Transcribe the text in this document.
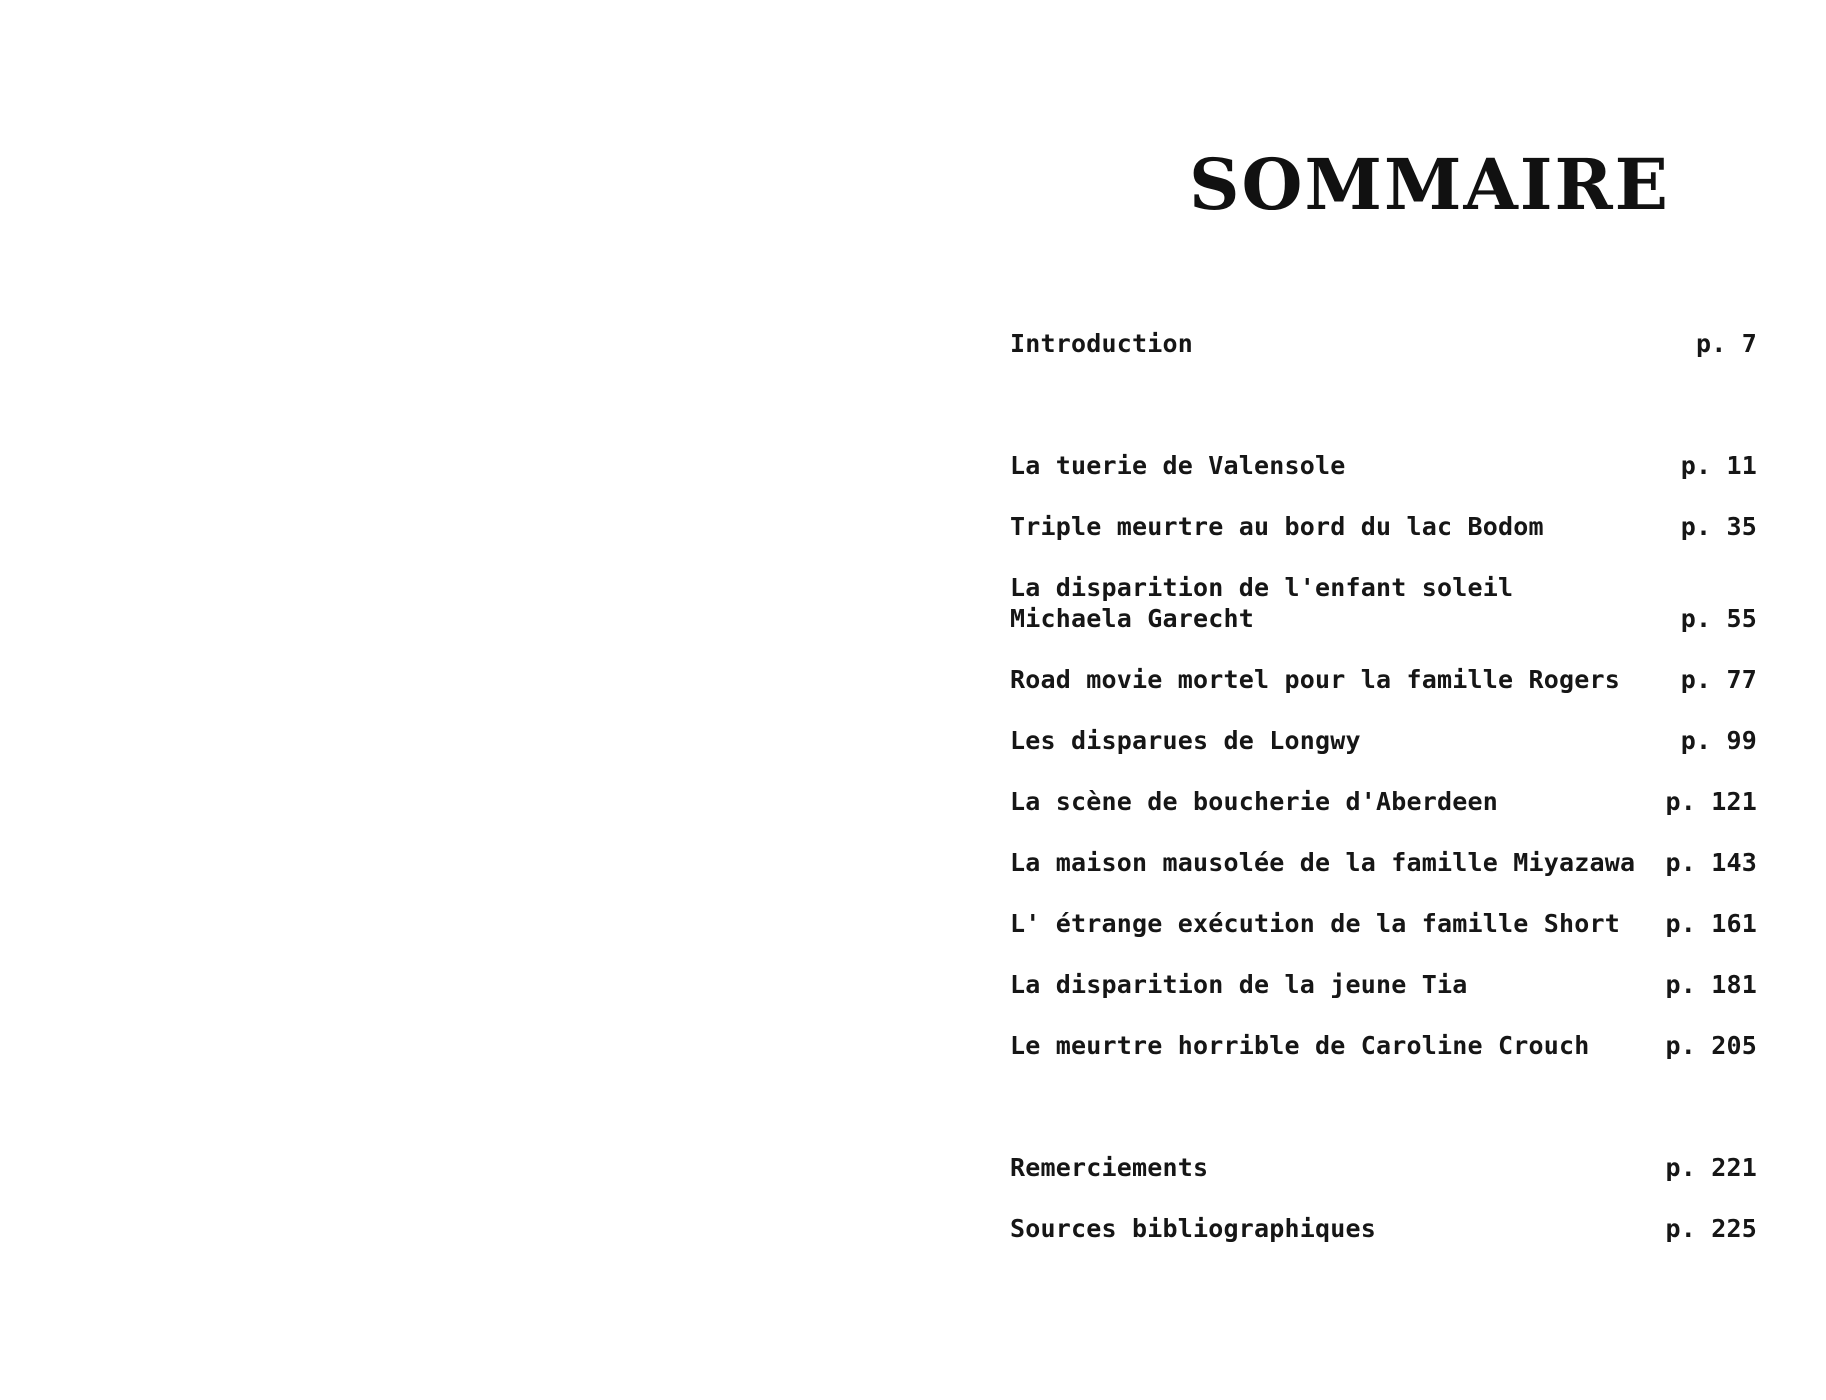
SOMMAIRE
Introduction	p. 7
La tuerie de Valensole	p. 11
Triple meurtre au bord du lac Bodom	p. 35
La disparition de l'enfant soleil
Michaela Garecht	p. 55
Road movie mortel pour la famille Rogers	p. 77
Les disparues de Longwy	p. 99
La scène de boucherie d'Aberdeen	p. 121
La maison mausolée de la famille Miyazawa	p. 143
L' étrange exécution de la famille Short	p. 161
La disparition de la jeune Tia	p. 181
Le meurtre horrible de Caroline Crouch	p. 205
Remerciements	p. 221
Sources bibliographiques	p. 225
